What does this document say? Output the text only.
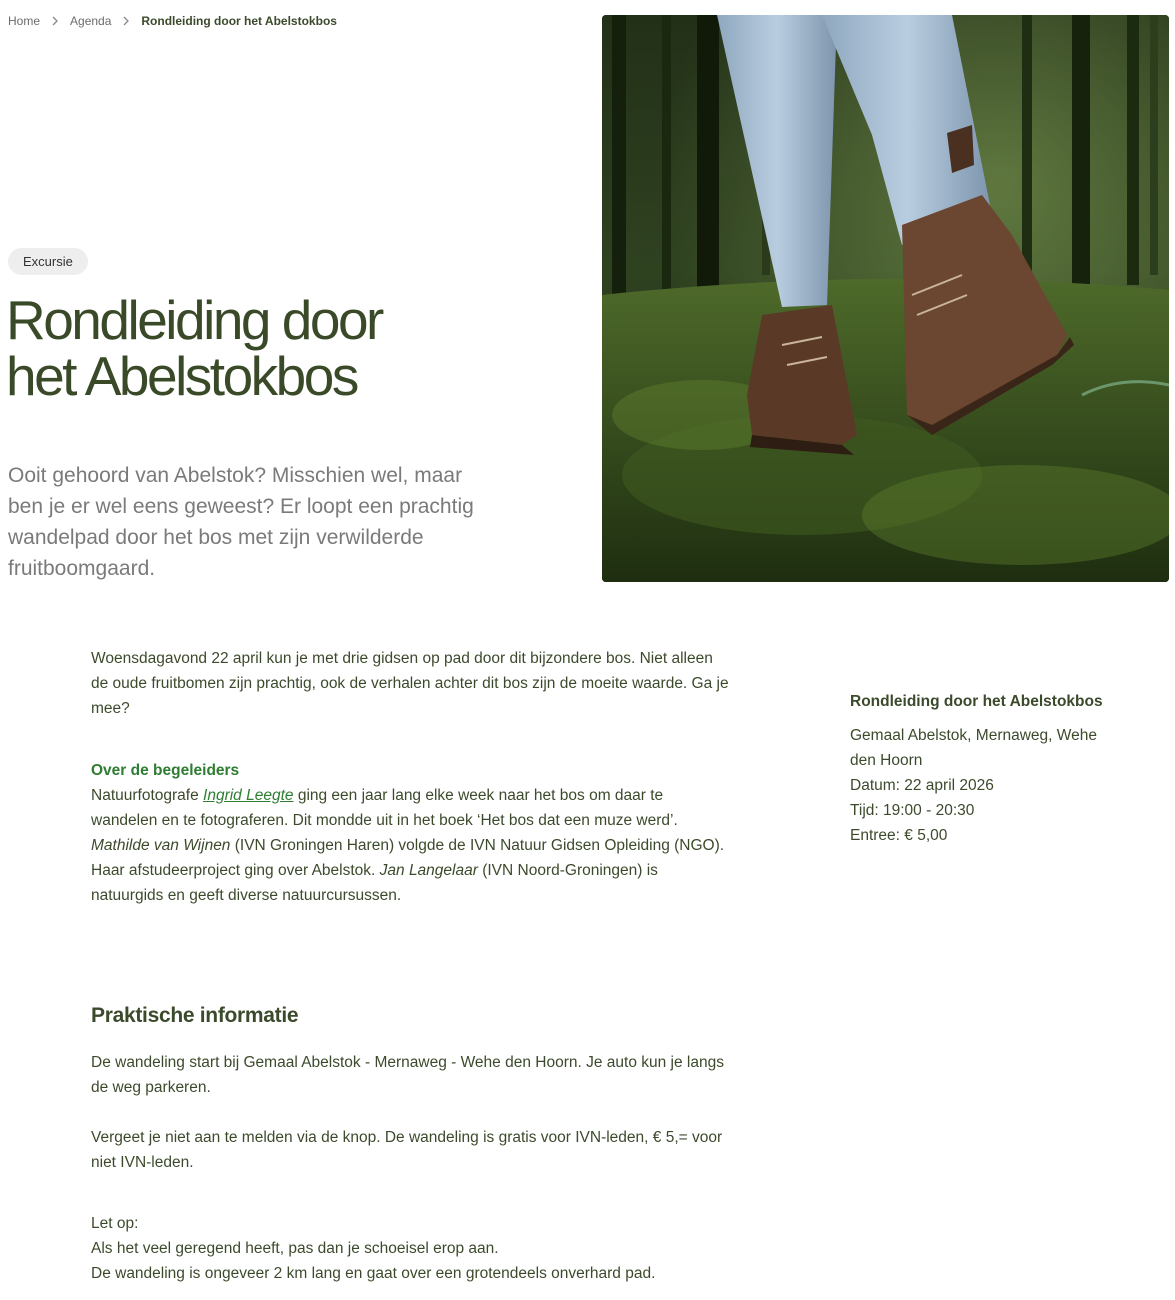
Home	Agenda	Rondleiding door het Abelstokbos
Excursie
Rondleiding door
het Abelstokbos

Ooit gehoord van Abelstok? Misschien wel, maar ben je er wel eens geweest? Er loopt een prachtig wandelpad door het bos met zijn verwilderde fruitboomgaard.

Woensdagavond 22 april kun je met drie gidsen op pad door dit bijzondere bos. Niet alleen de oude fruitbomen zijn prachtig, ook de verhalen achter dit bos zijn de moeite waarde. Ga je mee?

Over de begeleiders

Natuurfotografe Ingrid Leegte ging een jaar lang elke week naar het bos om daar te wandelen en te fotograferen. Dit mondde uit in het boek ‘Het bos dat een muze werd’. Mathilde van Wijnen (IVN Groningen Haren) volgde de IVN Natuur Gidsen Opleiding (NGO). Haar afstudeerproject ging over Abelstok. Jan Langelaar (IVN Noord-Groningen) is natuurgids en geeft diverse natuurcursussen.

Praktische informatie

De wandeling start bij Gemaal Abelstok - Mernaweg - Wehe den Hoorn. Je auto kun je langs de weg parkeren.

Vergeet je niet aan te melden via de knop. De wandeling is gratis voor IVN-leden, € 5,= voor niet IVN-leden.

Let op:

Als het veel geregend heeft, pas dan je schoeisel erop aan.

De wandeling is ongeveer 2 km lang en gaat over een grotendeels onverhard pad.

Rondleiding door het Abelstokbos
Gemaal Abelstok, Mernaweg, Wehe den Hoorn
Datum: 22 april 2026
Tijd: 19:00 - 20:30
Entree: € 5,00
